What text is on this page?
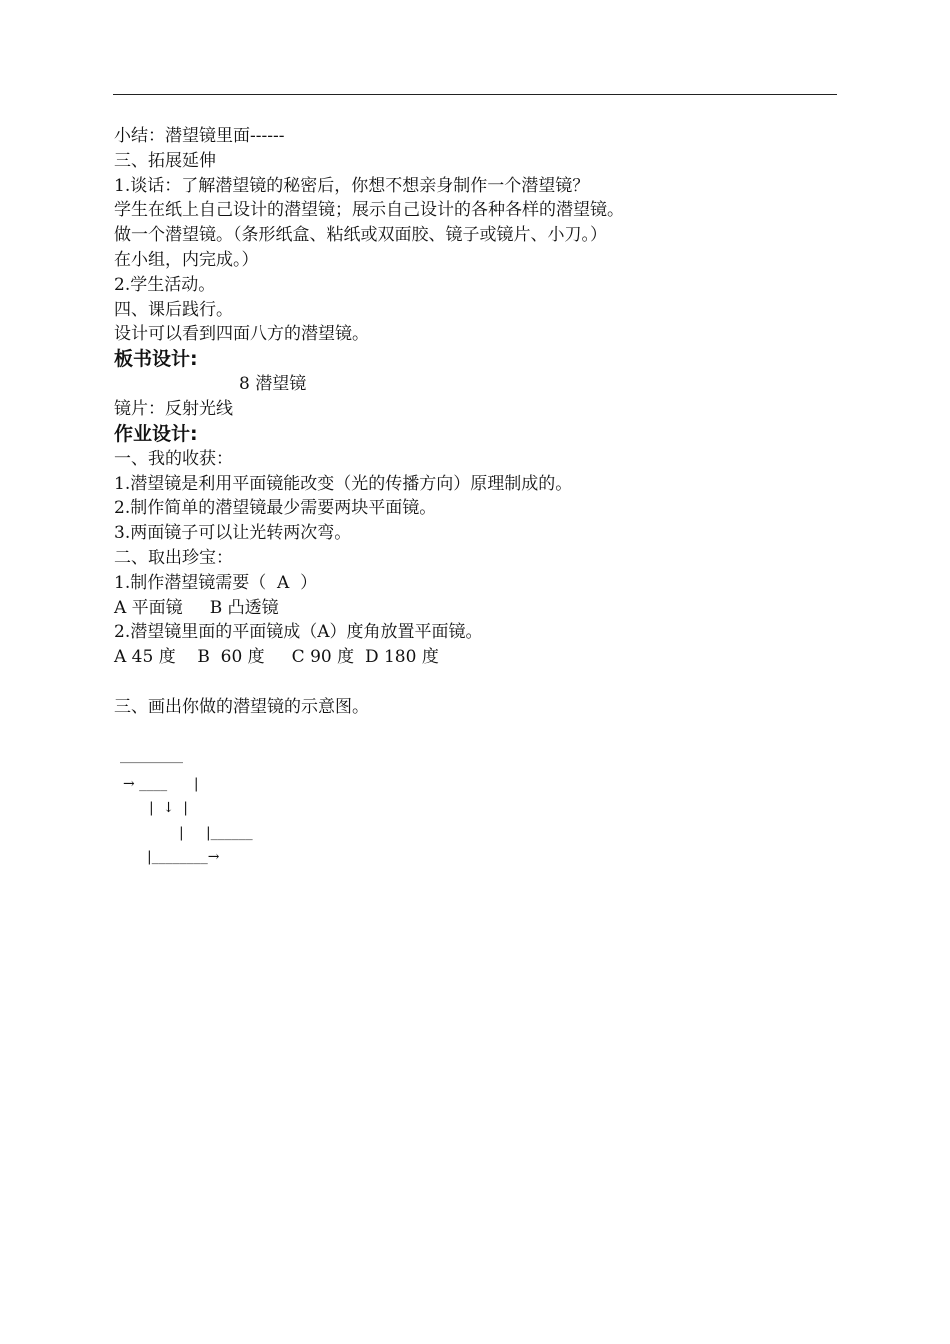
小结：潜望镜里面------
三、拓展延伸
1.谈话：了解潜望镜的秘密后，你想不想亲身制作一个潜望镜？
学生在纸上自己设计的潜望镜；展示自己设计的各种各样的潜望镜。
做一个潜望镜。（条形纸盒、粘纸或双面胶、镜子或镜片、小刀。）
在小组，内完成。）
2.学生活动。
四、课后践行。
设计可以看到四面八方的潜望镜。
板书设计:
8 潜望镜
镜片：反射光线
作业设计:
一、我的收获：
1.潜望镜是利用平面镜能改变（光的传播方向）原理制成的。
2.制作简单的潜望镜最少需要两块平面镜。
3.两面镜子可以让光转两次弯。
二、取出珍宝：
1.制作潜望镜需要（  A  ）
A 平面镜     B 凸透镜
2.潜望镜里面的平面镜成（A）度角放置平面镜。
A 45 度    B  60 度     C 90 度  D 180 度
三、画出你做的潜望镜的示意图。
_________
→ ____      |
|  ↓  |
|     |______
|________→
